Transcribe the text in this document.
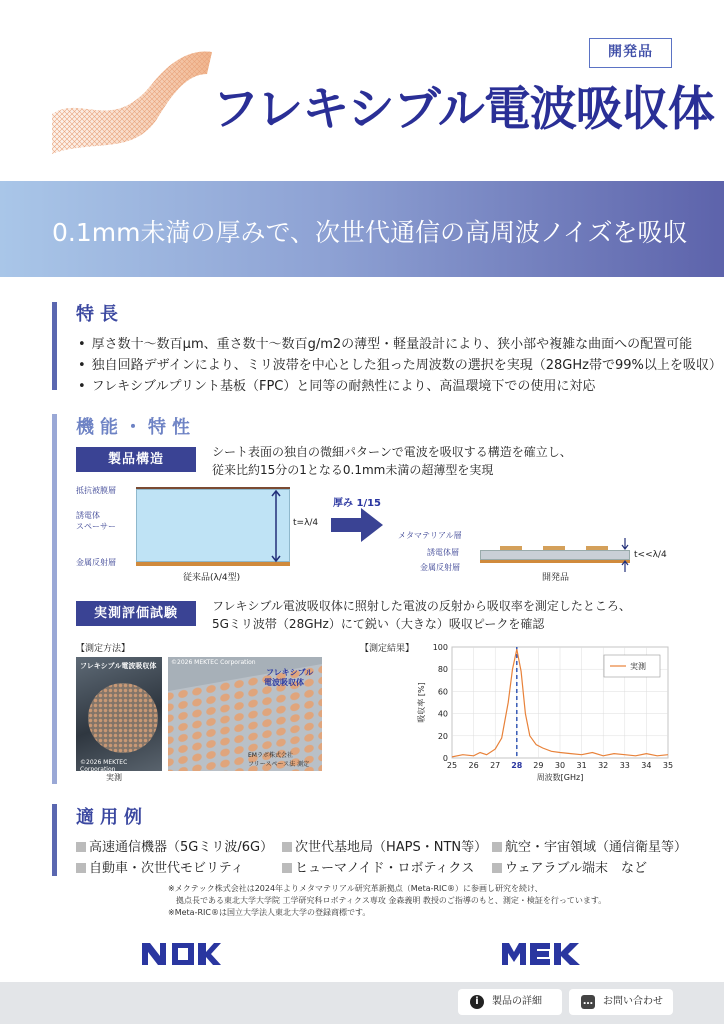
開発品
フレキシブル電波吸収体
0.1mm未満の厚みで、次世代通信の高周波ノイズを吸収
特長
• 厚さ数十〜数百μm、重さ数十〜数百g/m2の薄型・軽量設計により、狭小部や複雑な曲面への配置可能
• 独自回路デザインにより、ミリ波帯を中心とした狙った周波数の選択を実現（28GHz帯で99%以上を吸収）
• フレキシブルプリント基板（FPC）と同等の耐熱性により、高温環境下での使用に対応
機能・特性
製品構造	シート表面の独自の微細パターンで電波を吸収する構造を確立し、
従来比約15分の1となる0.1mm未満の超薄型を実現
抵抗被膜層
誘電体
スペーサー
金属反射層
t=λ/4
従来品(λ/4型)
厚み 1/15
メタマテリアル層
誘電体層
金属反射層
t<<λ/4
開発品
実測評価試験	フレキシブル電波吸収体に照射した電波の反射から吸収率を測定したところ、
5Gミリ波帯（28GHz）にて鋭い（大きな）吸収ピークを確認
【測定方法】	【測定結果】
フレキシブル電波吸収体
©2026 MEKTEC Corporation
実測
©2026 MEKTEC Corporation
フレキシブル
電波吸収体
EMラボ株式会社
フリースペース法 測定	25 26 27 28 29 30 31 32 33 34 35
0
20
40
60
80
100
周波数[GHz]
吸収率 [%]
実測
適用例
高速通信機器（5Gミリ波/6G）	次世代基地局（HAPS・NTN等）	航空・宇宙領域（通信衛星等）
自動車・次世代モビリティ	ヒューマノイド・ロボティクス	ウェアラブル端末　など
※メクテック株式会社は2024年よりメタマテリアル研究革新拠点（Meta-RIC®）に参画し研究を続け、
　拠点長である東北大学大学院 工学研究科ロボティクス専攻 金森義明 教授のご指導のもと、測定・検証を行っています。
※Meta-RIC®は国立大学法人東北大学の登録商標です。
i	製品の詳細	… お問い合わせ
